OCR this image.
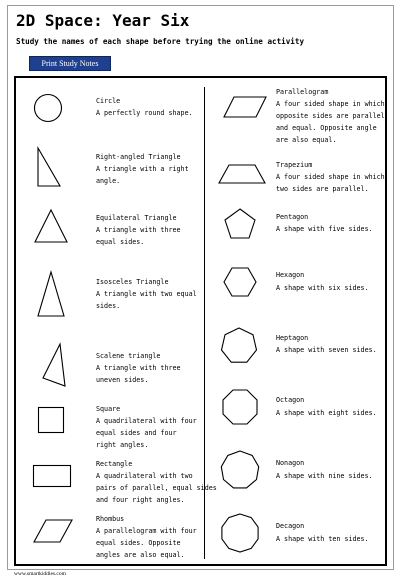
2D Space: Year Six
Study the names of each shape before trying the online activity
Print Study Notes
Circle
A perfectly round shape.
Right-angled Triangle
A triangle with a right
angle.
Equilateral Triangle
A triangle with three
equal sides.
Isosceles Triangle
A triangle with two equal
sides.
Scalene triangle
A triangle with three
uneven sides.
Square
A quadrilateral with four
equal sides and four
right angles.
Rectangle
A quadrilateral with two
pairs of parallel, equal sides
and four right angles.
Rhombus
A parallelogram with four
equal sides. Opposite
angles are also equal.
Parallelogram
A four sided shape in which
opposite sides are parallel
and equal. Opposite angle
are also equal.
Trapezium
A four sided shape in which
two sides are parallel.
Pentagon
A shape with five sides.
Hexagon
A shape with six sides.
Heptagon
A shape with seven sides.
Octagon
A shape with eight sides.
Nonagon
A shape with nine sides.
Decagon
A shape with ten sides.
www.smartkiddies.com
